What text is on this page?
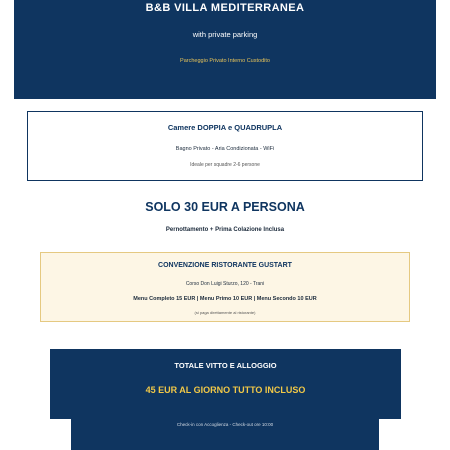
B&B VILLA MEDITERRANEA
with private parking
Parcheggio Privato Interno Custodito
Camere DOPPIA e QUADRUPLA
Bagno Privato - Aria Condizionata - WiFi
Ideale per squadre 2-6 persone
SOLO 30 EUR A PERSONA
Pernottamento + Prima Colazione Inclusa
CONVENZIONE RISTORANTE GUSTART
Corso Don Luigi Sturzo, 120 - Trani
Menu Completo 15 EUR | Menu Primo 10 EUR | Menu Secondo 10 EUR
(si paga direttamente al ristorante)
TOTALE VITTO E ALLOGGIO
45 EUR AL GIORNO TUTTO INCLUSO
Check-in con Accoglienza - Check-out ore 10:00
